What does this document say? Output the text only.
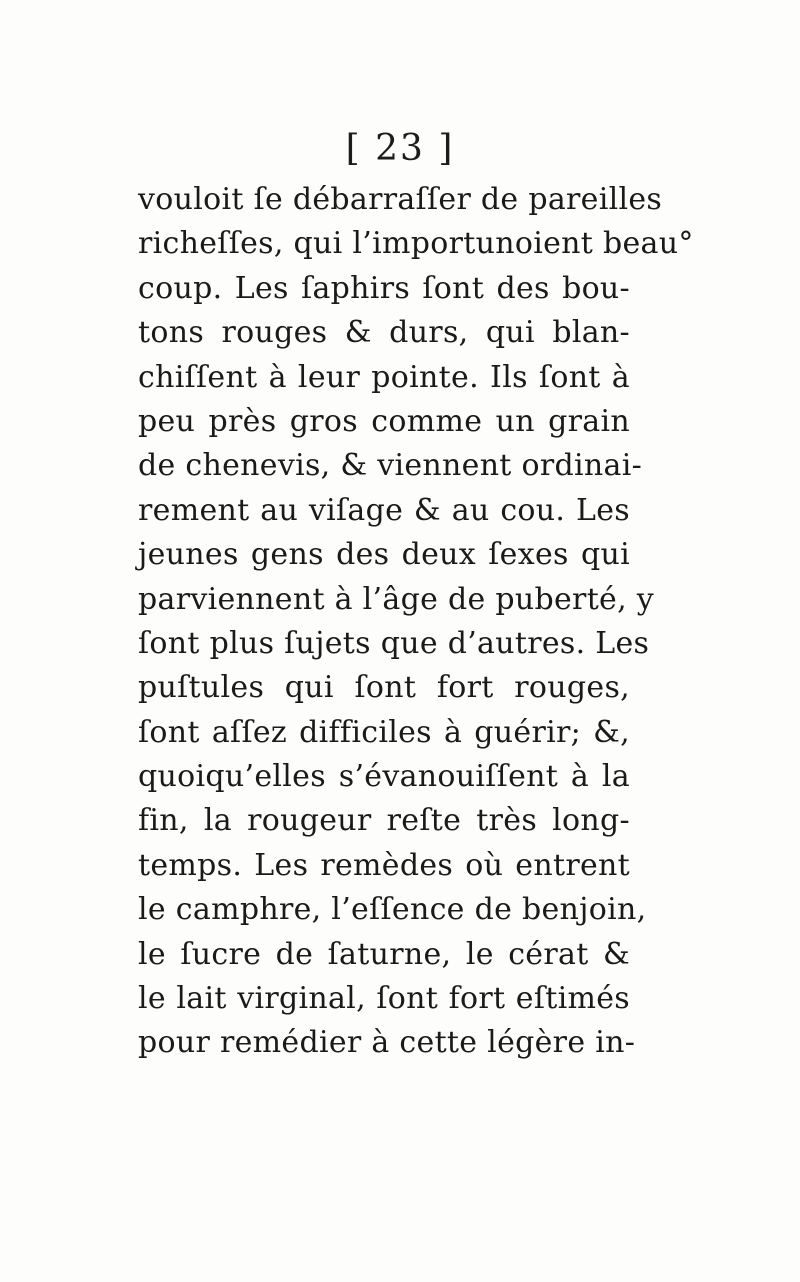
[ 23 ]
vouloit ſe débarraſſer de pareilles
richeſſes, qui l’importunoient beau°
coup. Les ſaphirs ſont des bou-
tons rouges & durs, qui blan-
chiſſent à leur pointe. Ils ſont à
peu près gros comme un grain
de chenevis, & viennent ordinai-
rement au viſage & au cou. Les
jeunes gens des deux ſexes qui
parviennent à l’âge de puberté, y
ſont plus ſujets que d’autres. Les
puſtules qui ſont fort rouges,
ſont aſſez difficiles à guérir; &,
quoiqu’elles s’évanouiſſent à la
fin, la rougeur reſte très long-
temps. Les remèdes où entrent
le camphre, l’eſſence de benjoin,
le ſucre de ſaturne, le cérat &
le lait virginal, ſont fort eſtimés
pour remédier à cette légère in-
